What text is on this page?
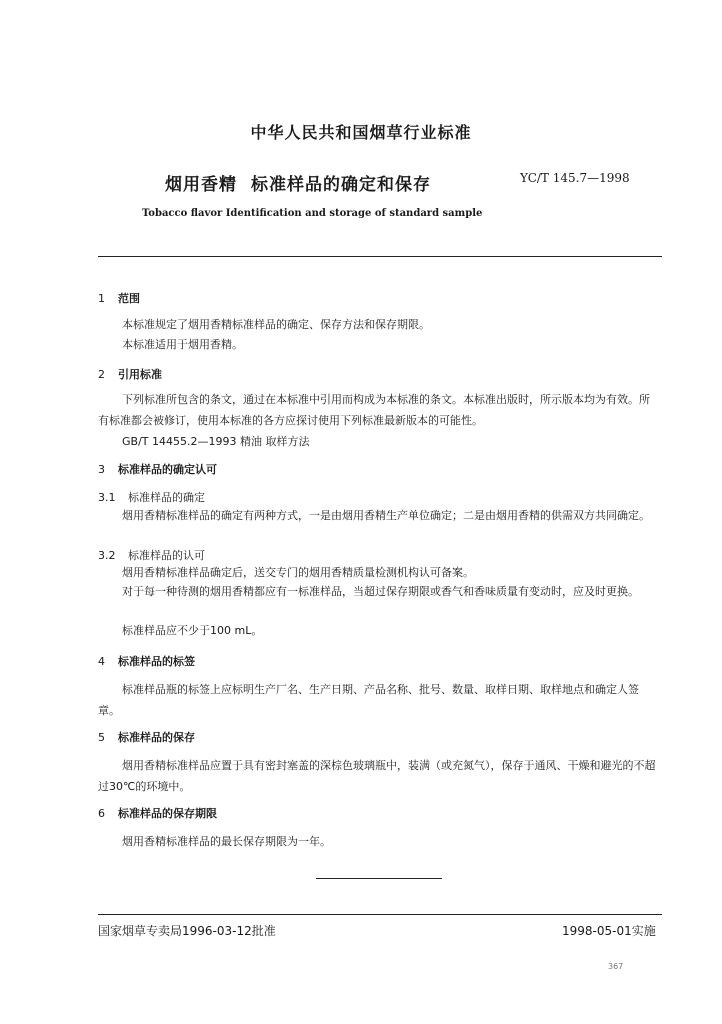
中华人民共和国烟草行业标准
烟用香精 标准样品的确定和保存	YC/T 145.7—1998
Tobacco flavor Identification and storage of standard sample
1 范围
本标准规定了烟用香精标准样品的确定、保存方法和保存期限。
本标准适用于烟用香精。
2 引用标准
下列标准所包含的条文，通过在本标准中引用而构成为本标准的条文。本标准出版时，所示版本均为有效。所有标准都会被修订，使用本标准的各方应探讨使用下列标准最新版本的可能性。
GB/T 14455.2—1993 精油 取样方法
3 标准样品的确定认可
3.1 标准样品的确定
烟用香精标准样品的确定有两种方式，一是由烟用香精生产单位确定；二是由烟用香精的供需双方共同确定。
3.2 标准样品的认可
烟用香精标准样品确定后，送交专门的烟用香精质量检测机构认可备案。
对于每一种待测的烟用香精都应有一标准样品，当超过保存期限或香气和香味质量有变动时，应及时更换。
标准样品应不少于100 mL。
4 标准样品的标签
标准样品瓶的标签上应标明生产厂名、生产日期、产品名称、批号、数量、取样日期、取样地点和确定人签章。
5 标准样品的保存
烟用香精标准样品应置于具有密封塞盖的深棕色玻璃瓶中，装满（或充氮气），保存于通风、干燥和避光的不超过30℃的环境中。
6 标准样品的保存期限
烟用香精标准样品的最长保存期限为一年。
国家烟草专卖局1996-03-12批准	1998-05-01实施
367
